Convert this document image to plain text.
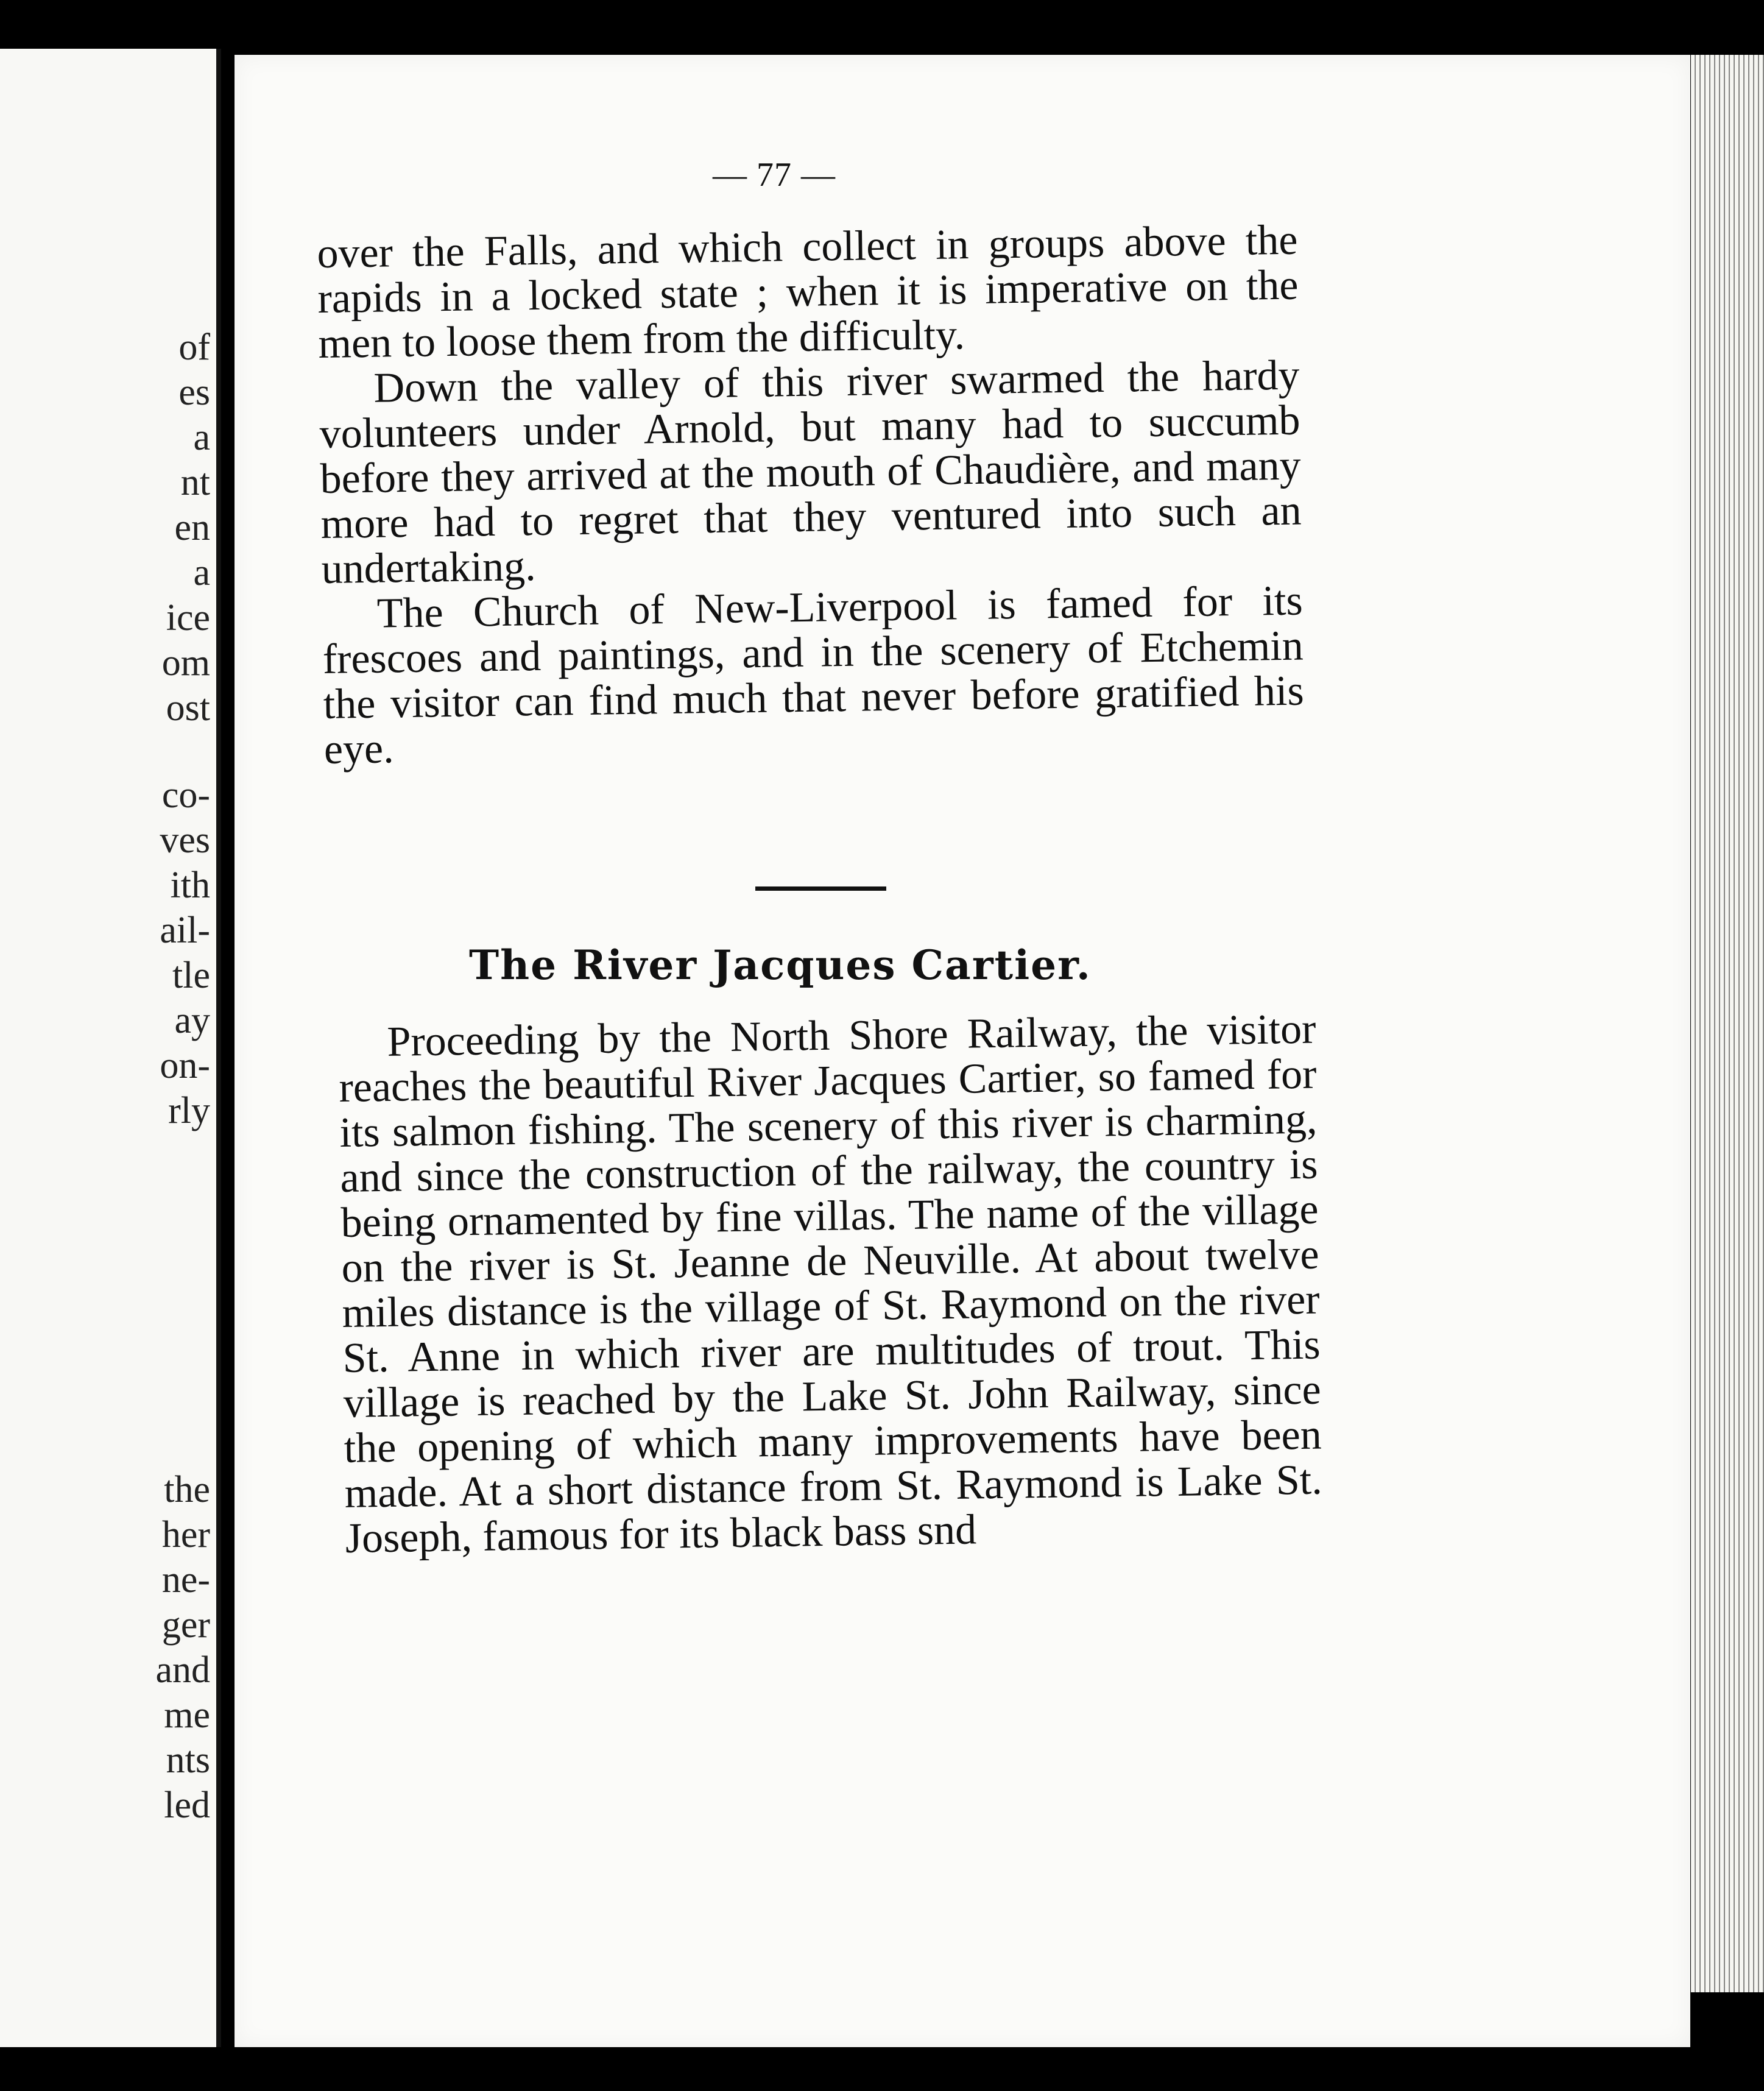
of
es
a
nt
en
a
ice
om
ost
co-
ves
ith
ail-
tle
ay
on-
rly
the
her
ne-
ger
and
me
nts
led
— 77 —

over the Falls, and which collect in groups above the rapids in a locked state ; when it is imperative on the men to loose them from the difficulty.

Down the valley of this river swarmed the hardy volunteers under Arnold, but many had to succumb before they arrived at the mouth of Chaudière, and many more had to regret that they ventured into such an undertaking.

The Church of New-Liverpool is famed for its frescoes and paintings, and in the scenery of Etchemin the visitor can find much that never before gratified his eye.

The River Jacques Cartier.

Proceeding by the North Shore Railway, the visitor reaches the beautiful River Jacques Cartier, so famed for its salmon fishing. The scenery of this river is charming, and since the construction of the railway, the country is being ornamented by fine villas. The name of the village on the river is St. Jeanne de Neuville. At about twelve miles distance is the village of St. Raymond on the river St. Anne in which river are multitudes of trout. This village is reached by the Lake St. John Railway, since the opening of which many improvements have been made. At a short distance from St. Raymond is Lake St. Joseph, famous for its black bass snd
